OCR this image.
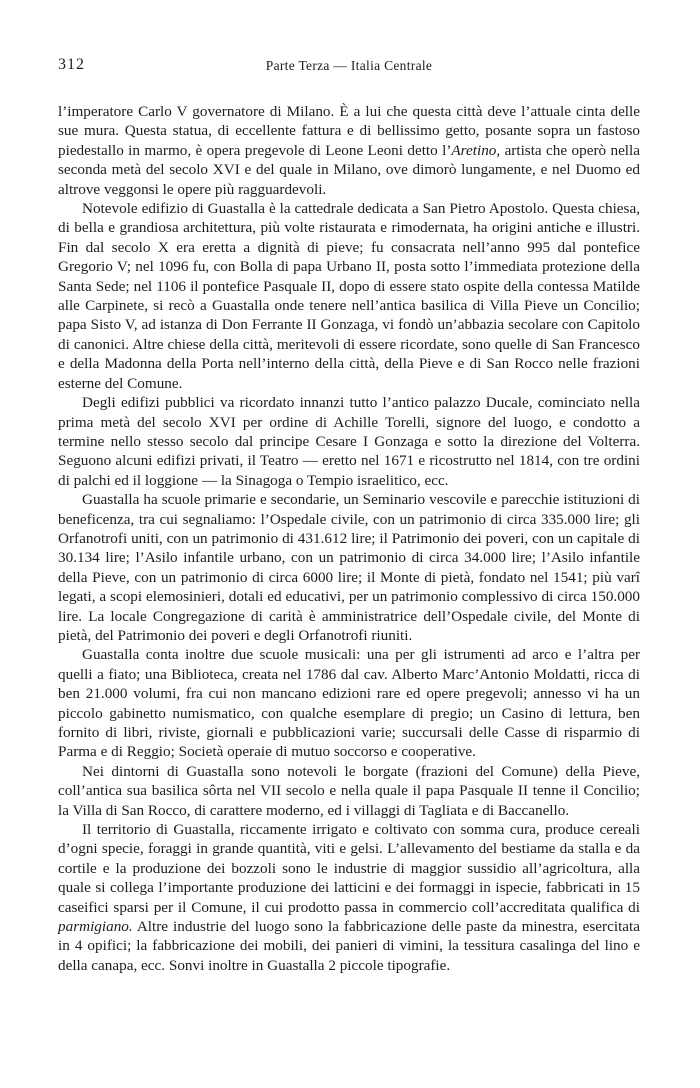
312	Parte Terza — Italia Centrale

l’imperatore Carlo V governatore di Milano. È a lui che questa città deve l’attuale cinta delle sue mura. Questa statua, di eccellente fattura e di bellissimo getto, posante sopra un fastoso piedestallo in marmo, è opera pregevole di Leone Leoni detto l’Aretino, artista che operò nella seconda metà del secolo XVI e del quale in Milano, ove dimorò lungamente, e nel Duomo ed altrove veggonsi le opere più ragguardevoli.

Notevole edifizio di Guastalla è la cattedrale dedicata a San Pietro Apostolo. Questa chiesa, di bella e grandiosa architettura, più volte ristaurata e rimodernata, ha origini antiche e illustri. Fin dal secolo X era eretta a dignità di pieve; fu consacrata nell’anno 995 dal pontefice Gregorio V; nel 1096 fu, con Bolla di papa Urbano II, posta sotto l’immediata protezione della Santa Sede; nel 1106 il pontefice Pasquale II, dopo di essere stato ospite della contessa Matilde alle Carpinete, si recò a Guastalla onde tenere nell’antica basilica di Villa Pieve un Concilio; papa Sisto V, ad istanza di Don Ferrante II Gonzaga, vi fondò un’abbazia secolare con Capitolo di canonici. Altre chiese della città, meritevoli di essere ricordate, sono quelle di San Francesco e della Madonna della Porta nell’interno della città, della Pieve e di San Rocco nelle frazioni esterne del Comune.

Degli edifizi pubblici va ricordato innanzi tutto l’antico palazzo Ducale, cominciato nella prima metà del secolo XVI per ordine di Achille Torelli, signore del luogo, e condotto a termine nello stesso secolo dal principe Cesare I Gonzaga e sotto la direzione del Volterra. Seguono alcuni edifizi privati, il Teatro — eretto nel 1671 e ricostrutto nel 1814, con tre ordini di palchi ed il loggione — la Sinagoga o Tempio israelitico, ecc.

Guastalla ha scuole primarie e secondarie, un Seminario vescovile e parecchie istituzioni di beneficenza, tra cui segnaliamo: l’Ospedale civile, con un patrimonio di circa 335.000 lire; gli Orfanotrofi uniti, con un patrimonio di 431.612 lire; il Patrimonio dei poveri, con un capitale di 30.134 lire; l’Asilo infantile urbano, con un patrimonio di circa 34.000 lire; l’Asilo infantile della Pieve, con un patrimonio di circa 6000 lire; il Monte di pietà, fondato nel 1541; più varî legati, a scopi elemosinieri, dotali ed educativi, per un patrimonio complessivo di circa 150.000 lire. La locale Congregazione di carità è amministratrice dell’Ospedale civile, del Monte di pietà, del Patrimonio dei poveri e degli Orfanotrofi riuniti.

Guastalla conta inoltre due scuole musicali: una per gli istrumenti ad arco e l’altra per quelli a fiato; una Biblioteca, creata nel 1786 dal cav. Alberto Marc’Antonio Moldatti, ricca di ben 21.000 volumi, fra cui non mancano edizioni rare ed opere pregevoli; annesso vi ha un piccolo gabinetto numismatico, con qualche esemplare di pregio; un Casino di lettura, ben fornito di libri, riviste, giornali e pubblicazioni varie; succursali delle Casse di risparmio di Parma e di Reggio; Società operaie di mutuo soccorso e cooperative.

Nei dintorni di Guastalla sono notevoli le borgate (frazioni del Comune) della Pieve, coll’antica sua basilica sôrta nel VII secolo e nella quale il papa Pasquale II tenne il Concilio; la Villa di San Rocco, di carattere moderno, ed i villaggi di Tagliata e di Baccanello.

Il territorio di Guastalla, riccamente irrigato e coltivato con somma cura, produce cereali d’ogni specie, foraggi in grande quantità, viti e gelsi. L’allevamento del bestiame da stalla e da cortile e la produzione dei bozzoli sono le industrie di maggior sussidio all’agricoltura, alla quale si collega l’importante produzione dei latticini e dei formaggi in ispecie, fabbricati in 15 caseifici sparsi per il Comune, il cui prodotto passa in commercio coll’accreditata qualifica di parmigiano. Altre industrie del luogo sono la fabbricazione delle paste da minestra, esercitata in 4 opifici; la fabbricazione dei mobili, dei panieri di vimini, la tessitura casalinga del lino e della canapa, ecc. Sonvi inoltre in Guastalla 2 piccole tipografie.
